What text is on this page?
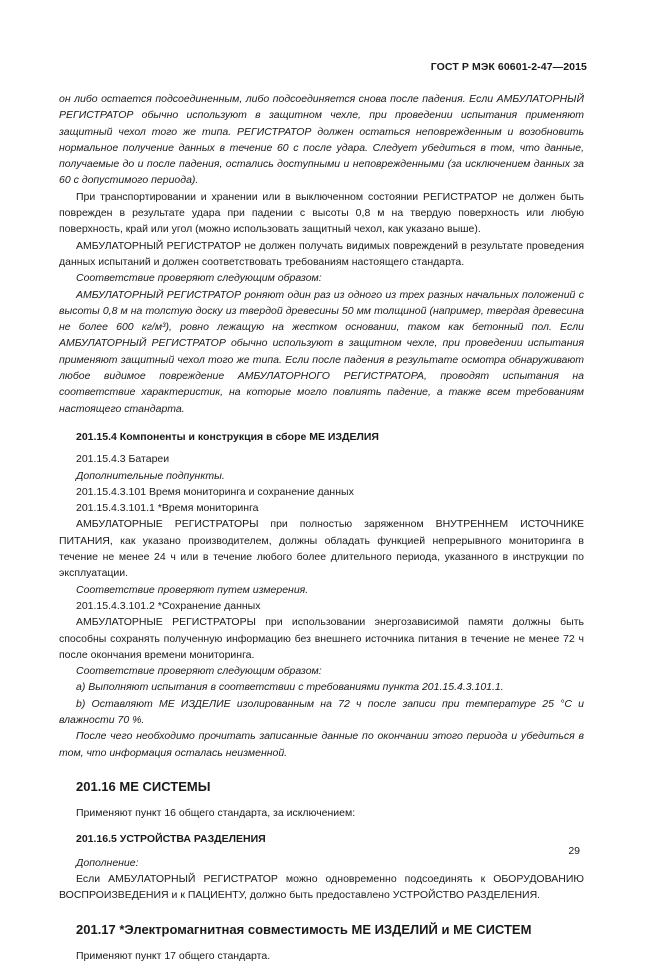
ГОСТ Р МЭК 60601-2-47—2015

он либо остается подсоединенным, либо подсоединяется снова после падения. Если АМБУЛАТОРНЫЙ РЕГИСТРАТОР обычно используют в защитном чехле, при проведении испытания применяют защитный чехол того же типа. РЕГИСТРАТОР должен остаться неповрежденным и возобновить нормальное получение данных в течение 60 с после удара. Следует убедиться в том, что данные, получаемые до и после падения, остались доступными и неповрежденными (за исключением данных за 60 с допустимого периода).

При транспортировании и хранении или в выключенном состоянии РЕГИСТРАТОР не должен быть поврежден в результате удара при падении с высоты 0,8 м на твердую поверхность или любую поверхность, край или угол (можно использовать защитный чехол, как указано выше).

АМБУЛАТОРНЫЙ РЕГИСТРАТОР не должен получать видимых повреждений в результате проведения данных испытаний и должен соответствовать требованиям настоящего стандарта.

Соответствие проверяют следующим образом:

АМБУЛАТОРНЫЙ РЕГИСТРАТОР роняют один раз из одного из трех разных начальных положений с высоты 0,8 м на толстую доску из твердой древесины 50 мм толщиной (например, твердая древесина не более 600 кг/м³), ровно лежащую на жестком основании, таком как бетонный пол. Если АМБУЛАТОРНЫЙ РЕГИСТРАТОР обычно используют в защитном чехле, при проведении испытания применяют защитный чехол того же типа. Если после падения в результате осмотра обнаруживают любое видимое повреждение АМБУЛАТОРНОГО РЕГИСТРАТОРА, проводят испытания на соответствие характеристик, на которые могло повлиять падение, а также всем требованиям настоящего стандарта.

201.15.4 Компоненты и конструкция в сборе МЕ ИЗДЕЛИЯ

201.15.4.3 Батареи

Дополнительные подпункты.

201.15.4.3.101 Время мониторинга и сохранение данных

201.15.4.3.101.1 *Время мониторинга

АМБУЛАТОРНЫЕ РЕГИСТРАТОРЫ при полностью заряженном ВНУТРЕННЕМ ИСТОЧНИКЕ ПИТАНИЯ, как указано производителем, должны обладать функцией непрерывного мониторинга в течение не менее 24 ч или в течение любого более длительного периода, указанного в инструкции по эксплуатации.

Соответствие проверяют путем измерения.

201.15.4.3.101.2 *Сохранение данных

АМБУЛАТОРНЫЕ РЕГИСТРАТОРЫ при использовании энергозависимой памяти должны быть способны сохранять полученную информацию без внешнего источника питания в течение не менее 72 ч после окончания времени мониторинга.

Соответствие проверяют следующим образом:

а) Выполняют испытания в соответствии с требованиями пункта 201.15.4.3.101.1.

b) Оставляют МЕ ИЗДЕЛИЕ изолированным на 72 ч после записи при температуре 25 °С и влажности 70 %.

После чего необходимо прочитать записанные данные по окончании этого периода и убедиться в том, что информация осталась неизменной.

201.16 МЕ СИСТЕМЫ

Применяют пункт 16 общего стандарта, за исключением:

201.16.5 УСТРОЙСТВА РАЗДЕЛЕНИЯ

Дополнение:

Если АМБУЛАТОРНЫЙ РЕГИСТРАТОР можно одновременно подсоединять к ОБОРУДОВАНИЮ ВОСПРОИЗВЕДЕНИЯ и к ПАЦИЕНТУ, должно быть предоставлено УСТРОЙСТВО РАЗДЕЛЕНИЯ.

201.17 *Электромагнитная совместимость МЕ ИЗДЕЛИЙ и МЕ СИСТЕМ

Применяют пункт 17 общего стандарта.

29
